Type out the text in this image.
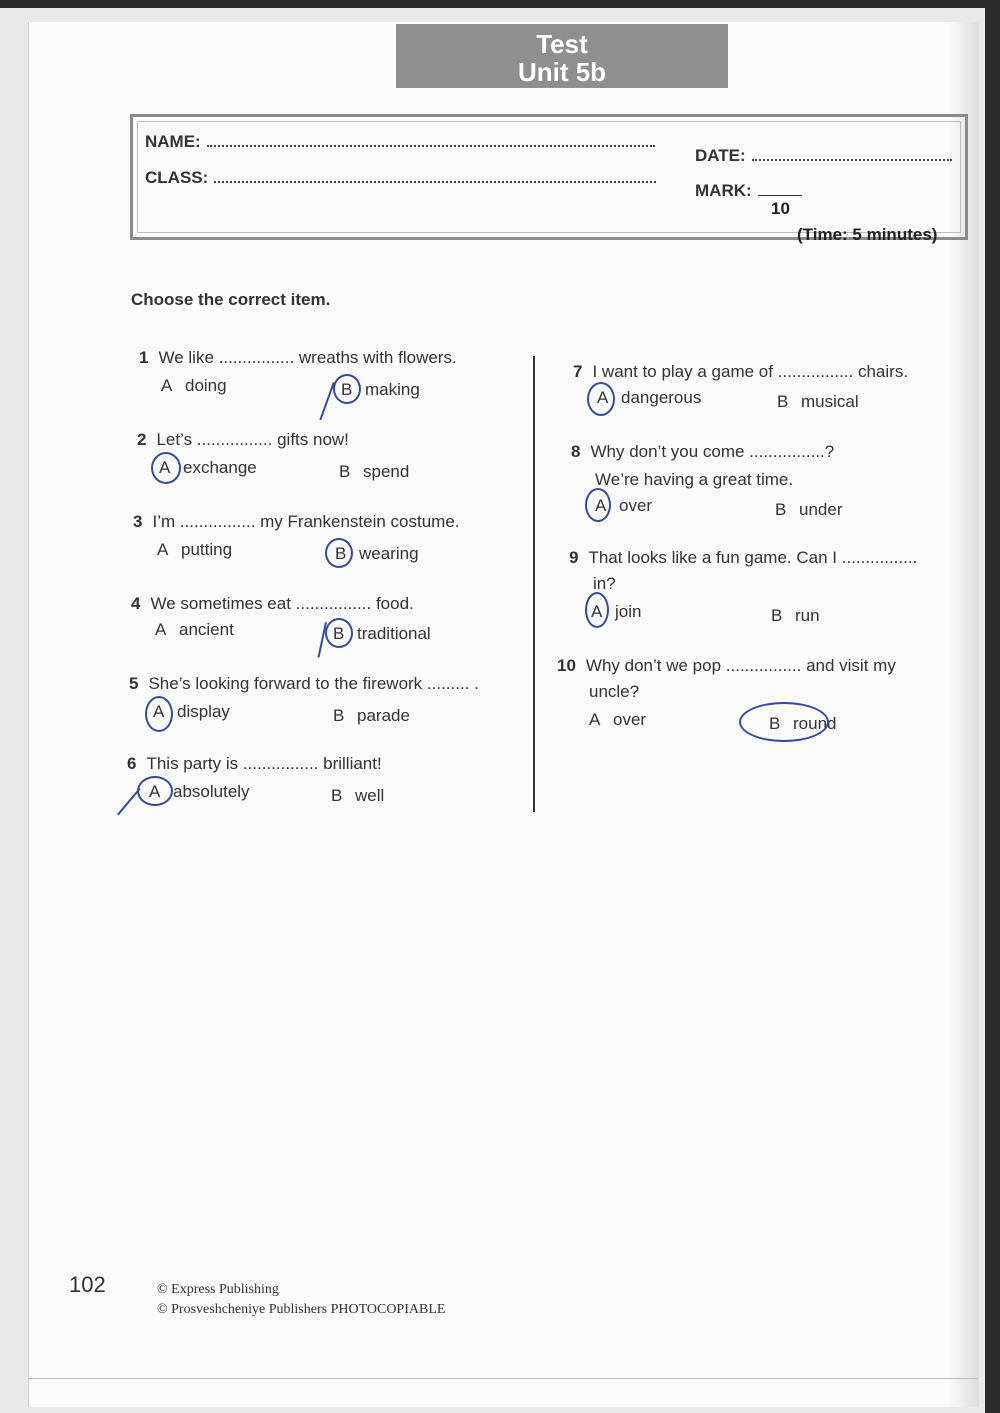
Test
Unit 5b
NAME:
CLASS:
DATE:
MARK:
10
(Time: 5 minutes)
Choose the correct item.
1 We like ................ wreaths with flowers.
A doing	B making
2 Let’s ................ gifts now!
A exchange	B spend
3 I’m ................ my Frankenstein costume.
A putting	B wearing
4 We sometimes eat ................ food.
A ancient	B traditional
5 She’s looking forward to the firework ......... .
A display	B parade
6 This party is ................ brilliant!
A absolutely	B well
7 I want to play a game of ................ chairs.
A dangerous	B musical
8 Why don’t you come ................?
We’re having a great time.
A over	B under
9 That looks like a fun game. Can I ................
in?
A join	B run
10 Why don’t we pop ................ and visit my
uncle?
A over	B round
102	© Express Publishing
© Prosveshcheniye Publishers PHOTOCOPIABLE
